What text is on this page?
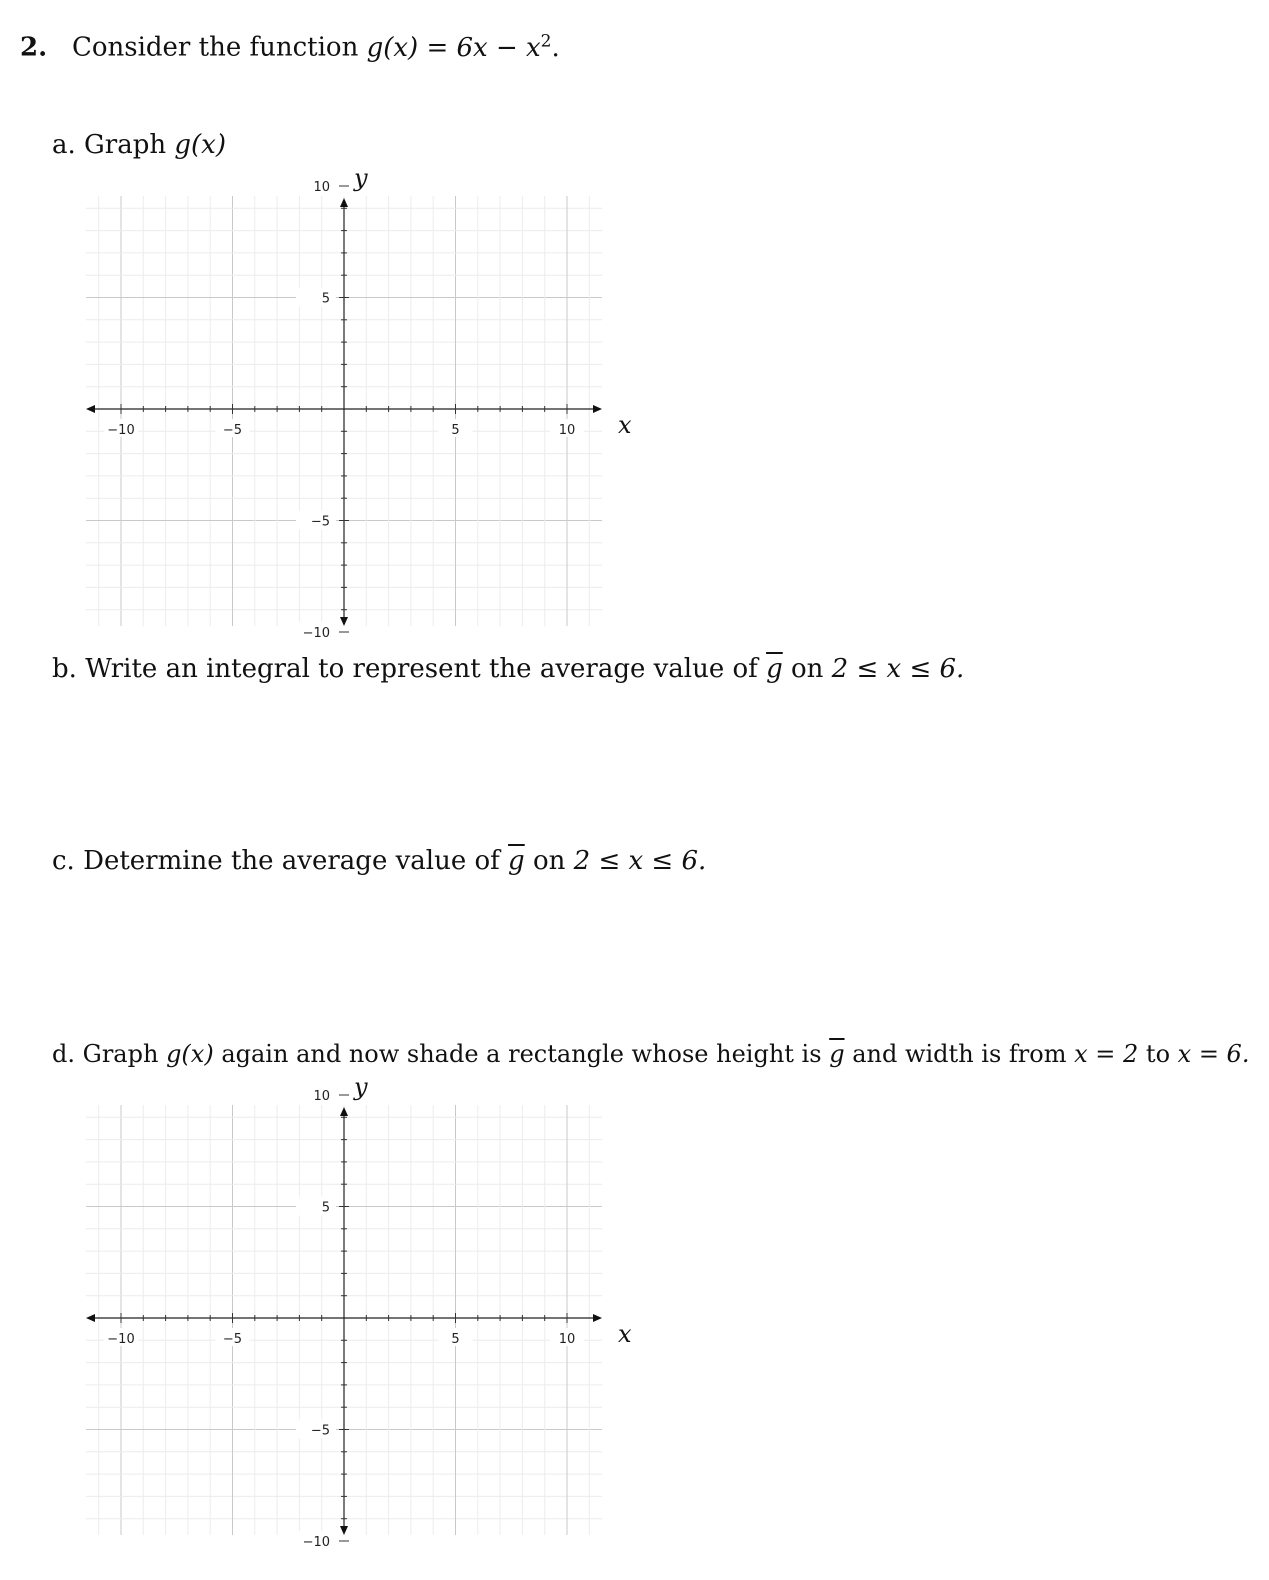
2. Consider the function $g(x) = 6x - x^2$.
a. Graph g(x)
−10	−5	5	10
10
5
−5
−10
x
y
b. Write an integral to represent the average value of $\overline{g}$ on 2 ≤ x ≤ 6.
c. Determine the average value of $\overline{g}$ on 2 ≤ x ≤ 6.
d. Graph g(x) again and now shade a rectangle whose height is $\overline{g}$ and width is from x = 2 to x = 6.
−10	−5	5	10
10
5
−5
−10
x
y
